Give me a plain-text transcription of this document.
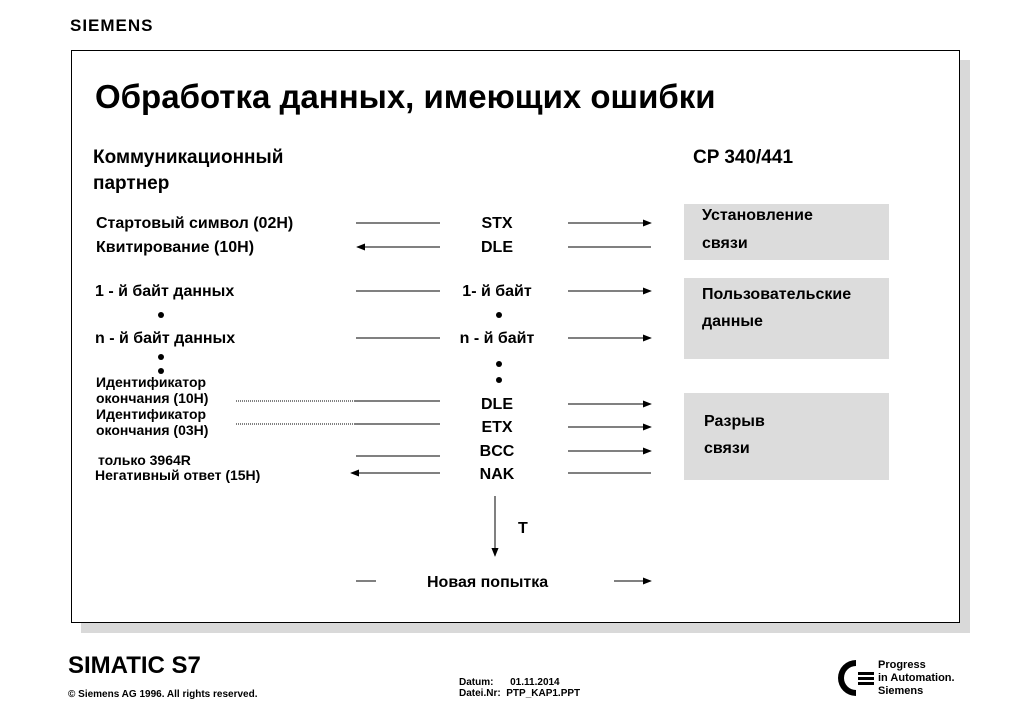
SIEMENS
Обработка данных, имеющих ошибки
Коммуникационный
партнер
CP 340/441
Установление
связи
Пользовательские
данные
Разрыв
связи
Стартовый символ (02H)
Квитирование (10H)
1 - й байт данных
n - й байт данных
Идентификатор
окончания (10H)
Идентификатор
окончания (03H)
только 3964R
Негативный ответ (15H)
STX
DLE
1- й байт
n - й байт
DLE
ETX
BCC
NAK
T
Новая попытка
SIMATIC S7
© Siemens AG 1996. All rights reserved.
Datum: 01.11.2014
Datei.Nr: PTP_KAP1.PPT
Progress
in Automation.
Siemens
